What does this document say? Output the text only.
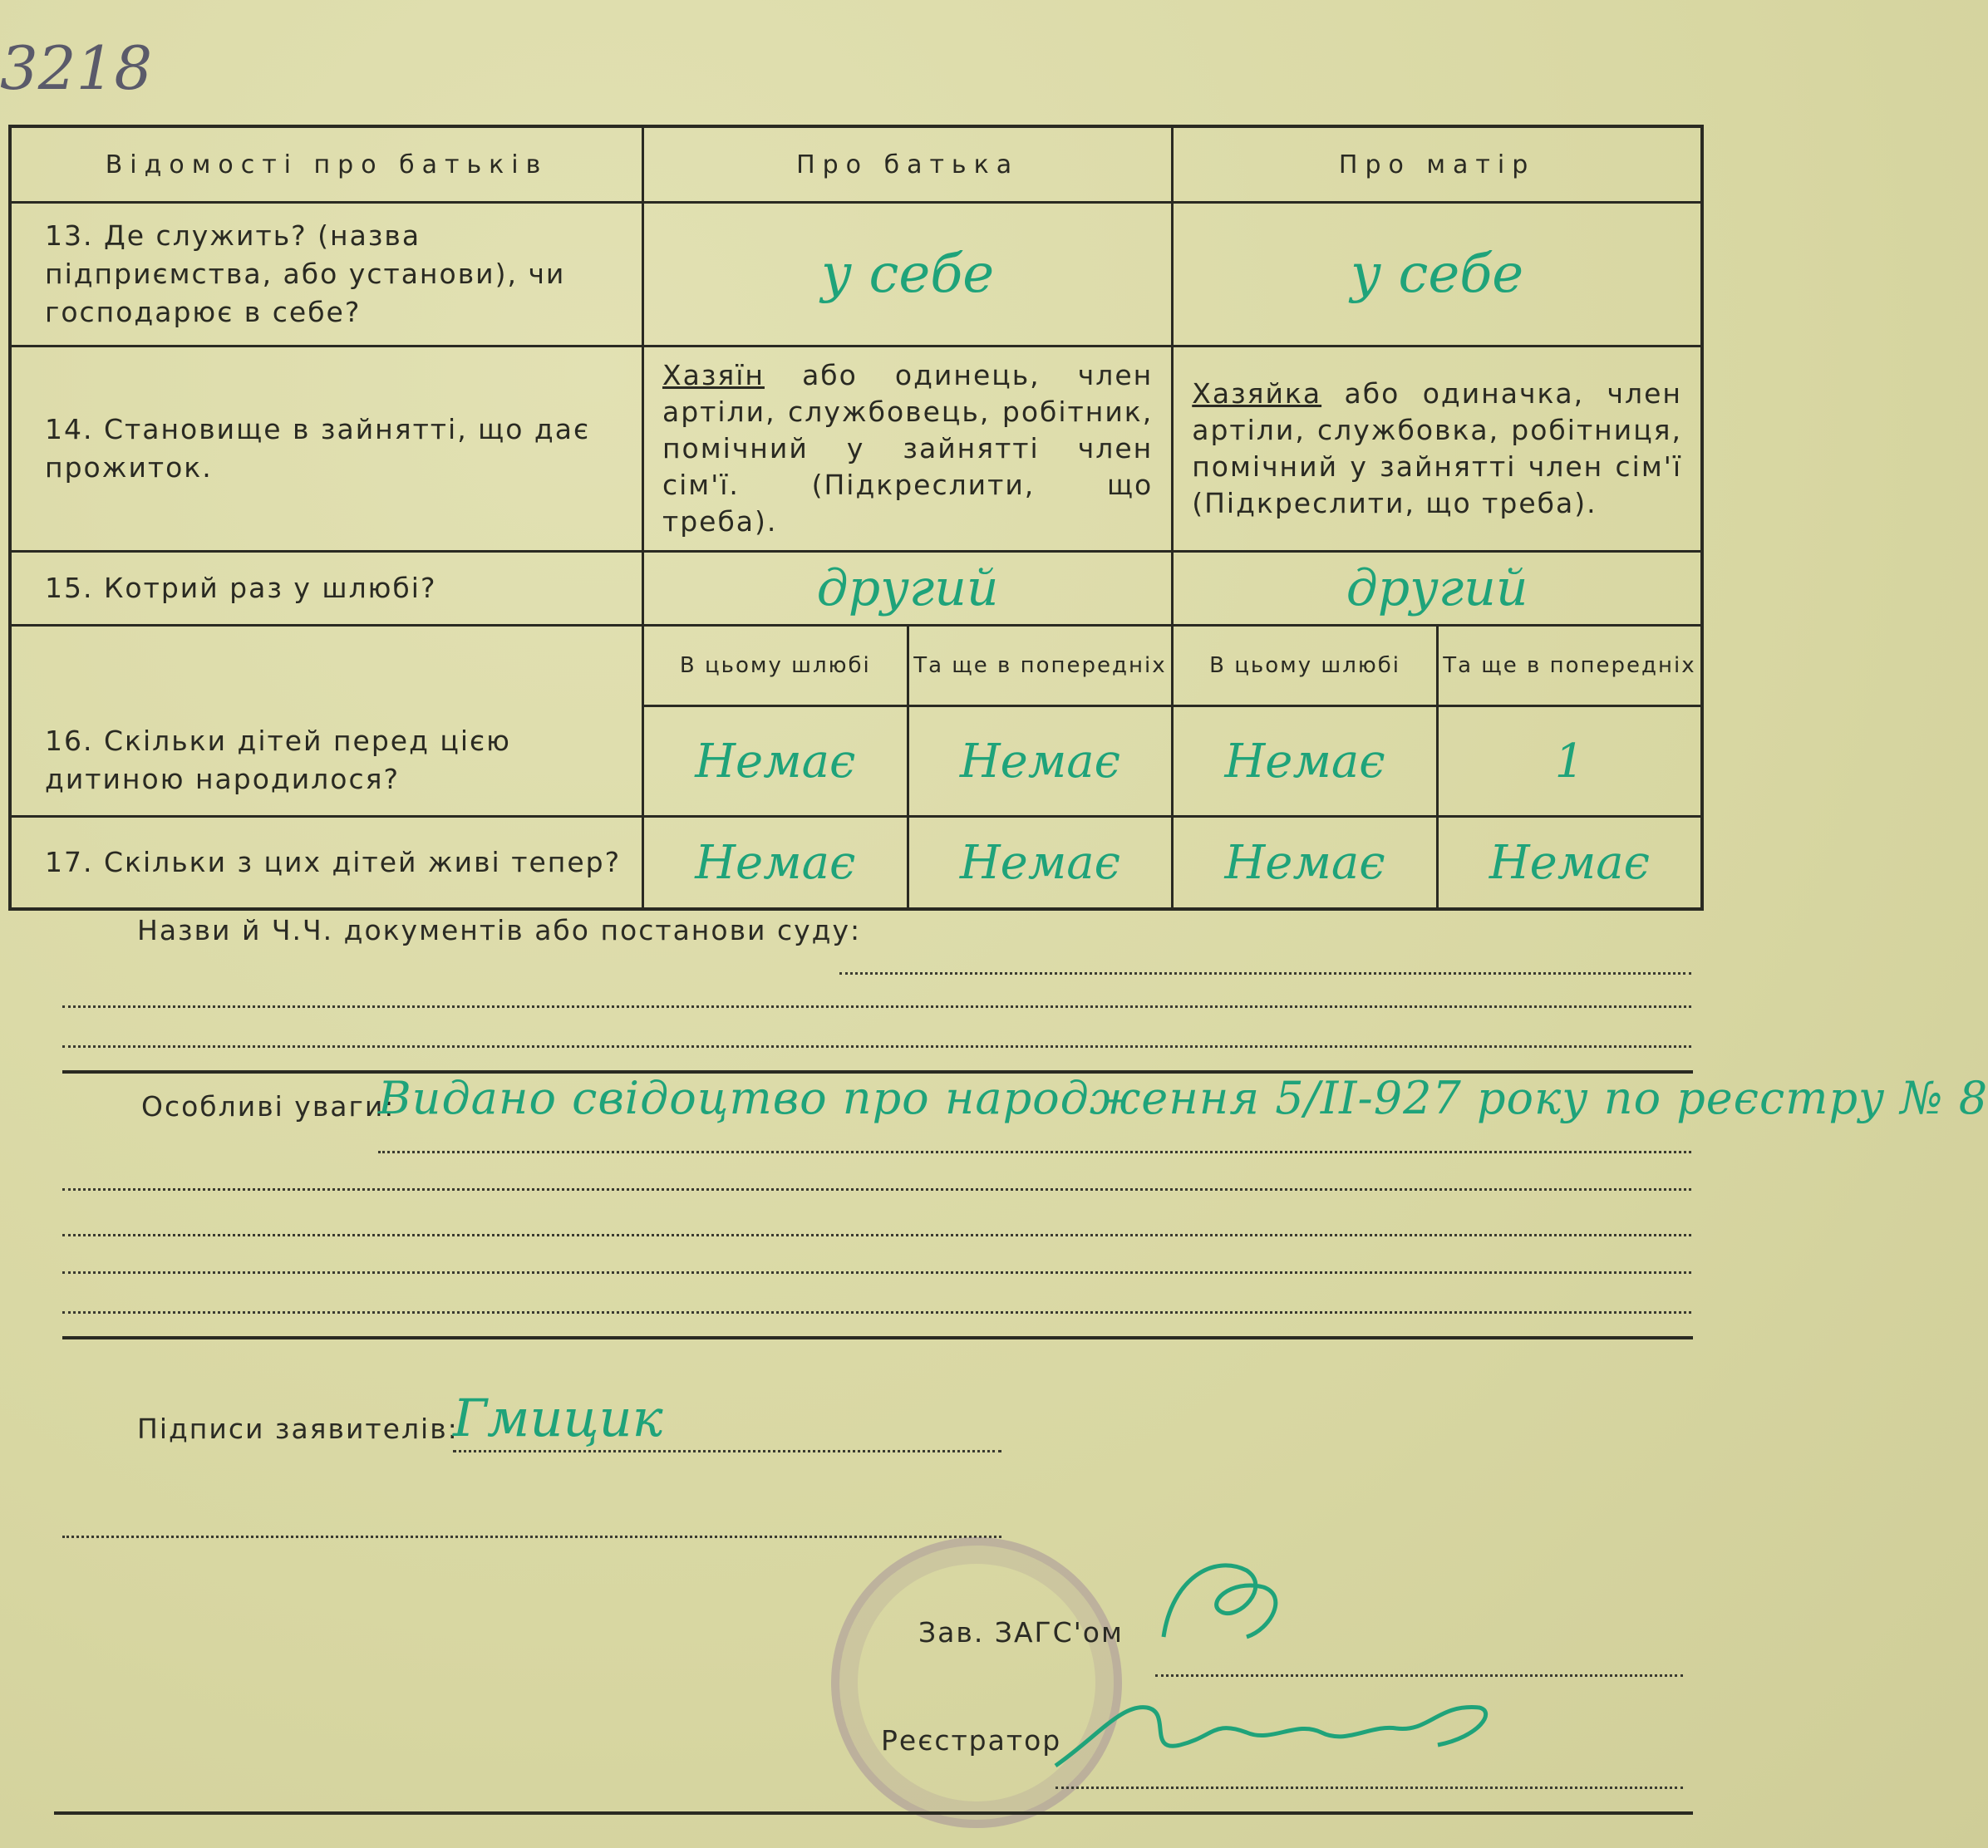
3218
Відомості про батьків	Про батька		Про матір	
13. Де служить? (назва підприємства, або установи), чи господарює в себе?	у себе		у себе	
14. Становище в зайнятті, що дає прожиток.	Хазяїн або одинець, член артіли, службовець, робітник, помічний у зайнятті член сім'ї. (Підкреслити, що треба).		Хазяйка або одиначка, член артіли, службовка, робітниця, помічний у зайнятті член сім'ї (Підкреслити, що треба).	
15. Котрий раз у шлюбі?	другий		другий	
16. Скільки дітей перед цією дитиною народилося?	В цьому шлюбі	Та ще в попередніх	В цьому шлюбі	Та ще в попередніх
	Немає	Немає	Немає	1
17. Скільки з цих дітей живі тепер?	Немає	Немає	Немає	Немає
Назви й Ч.Ч. документів або постанови суду:
Особливі уваги:
Видано свідоцтво про народження 5/II-927 року по реєстру № 8
Підписи заявителів:
Гмицик
Зав. ЗАГС'ом
Реєстратор
